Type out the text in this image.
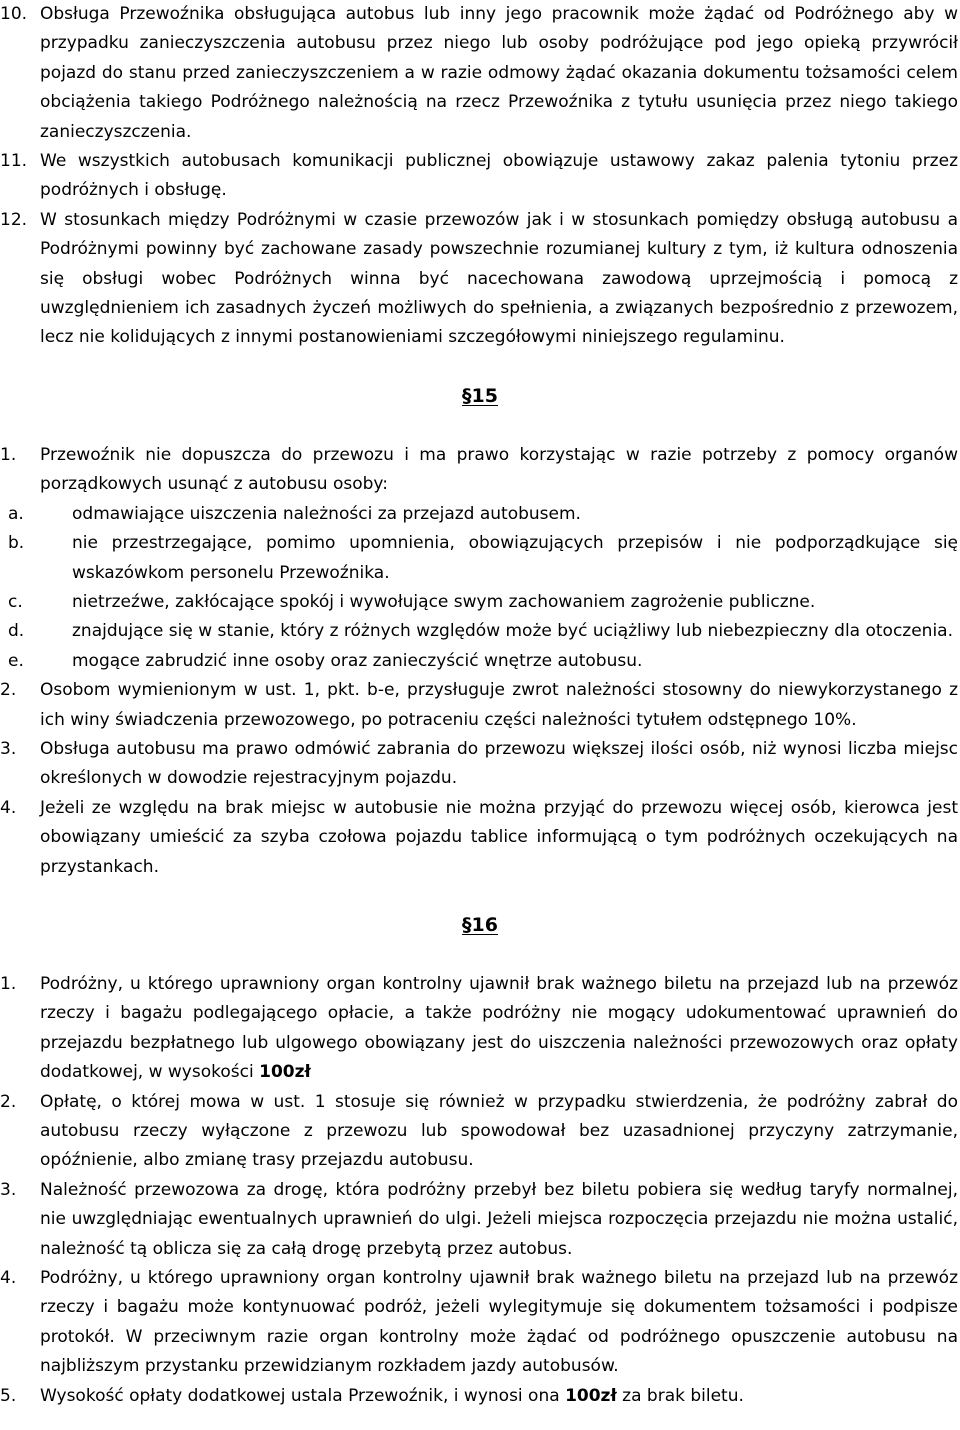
10. Obsługa Przewoźnika obsługująca autobus lub inny jego pracownik może żądać od Podróżnego aby w przypadku zanieczyszczenia autobusu przez niego lub osoby podróżujące pod jego opieką przywrócił pojazd do stanu przed zanieczyszczeniem a w razie odmowy żądać okazania dokumentu tożsamości celem obciążenia takiego Podróżnego należnością na rzecz Przewoźnika z tytułu usunięcia przez niego takiego zanieczyszczenia.
11. We wszystkich autobusach komunikacji publicznej obowiązuje ustawowy zakaz palenia tytoniu przez podróżnych i obsługę.
12. W stosunkach między Podróżnymi w czasie przewozów jak i w stosunkach pomiędzy obsługą autobusu a Podróżnymi powinny być zachowane zasady powszechnie rozumianej kultury z tym, iż kultura odnoszenia się obsługi wobec Podróżnych winna być nacechowana zawodową uprzejmością i pomocą z uwzględnieniem ich zasadnych życzeń możliwych do spełnienia, a związanych bezpośrednio z przewozem, lecz nie kolidujących z innymi postanowieniami szczegółowymi niniejszego regulaminu.
§15
1. Przewoźnik nie dopuszcza do przewozu i ma prawo korzystając w razie potrzeby z pomocy organów porządkowych usunąć z autobusu osoby:
a.	odmawiające uiszczenia należności za przejazd autobusem.
b.	nie przestrzegające, pomimo upomnienia, obowiązujących przepisów i nie podporządkujące się wskazówkom personelu Przewoźnika.
c.	nietrzeźwe, zakłócające spokój i wywołujące swym zachowaniem zagrożenie publiczne.
d.	znajdujące się w stanie, który z różnych względów może być uciążliwy lub niebezpieczny dla otoczenia.
e.	mogące zabrudzić inne osoby oraz zanieczyścić wnętrze autobusu.
2. Osobom wymienionym w ust. 1, pkt. b-e, przysługuje zwrot należności stosowny do niewykorzystanego z ich winy świadczenia przewozowego, po potraceniu części należności tytułem odstępnego 10%.
3. Obsługa autobusu ma prawo odmówić zabrania do przewozu większej ilości osób, niż wynosi liczba miejsc określonych w dowodzie rejestracyjnym pojazdu.
4. Jeżeli ze względu na brak miejsc w autobusie nie można przyjąć do przewozu więcej osób, kierowca jest obowiązany umieścić za szyba czołowa pojazdu tablice informującą o tym podróżnych oczekujących na przystankach.
§16
1. Podróżny, u którego uprawniony organ kontrolny ujawnił brak ważnego biletu na przejazd lub na przewóz rzeczy i bagażu podlegającego opłacie, a także podróżny nie mogący udokumentować uprawnień do przejazdu bezpłatnego lub ulgowego obowiązany jest do uiszczenia należności przewozowych oraz opłaty dodatkowej, w wysokości 100zł
2. Opłatę, o której mowa w ust. 1 stosuje się również w przypadku stwierdzenia, że podróżny zabrał do autobusu rzeczy wyłączone z przewozu lub spowodował bez uzasadnionej przyczyny zatrzymanie, opóźnienie, albo zmianę trasy przejazdu autobusu.
3. Należność przewozowa za drogę, która podróżny przebył bez biletu pobiera się według taryfy normalnej, nie uwzględniając ewentualnych uprawnień do ulgi. Jeżeli miejsca rozpoczęcia przejazdu nie można ustalić, należność tą oblicza się za całą drogę przebytą przez autobus.
4. Podróżny, u którego uprawniony organ kontrolny ujawnił brak ważnego biletu na przejazd lub na przewóz rzeczy i bagażu może kontynuować podróż, jeżeli wylegitymuje się dokumentem tożsamości i podpisze protokół. W przeciwnym razie organ kontrolny może żądać od podróżnego opuszczenie autobusu na najbliższym przystanku przewidzianym rozkładem jazdy autobusów.
5. Wysokość opłaty dodatkowej ustala Przewoźnik, i wynosi ona 100zł za brak biletu.
